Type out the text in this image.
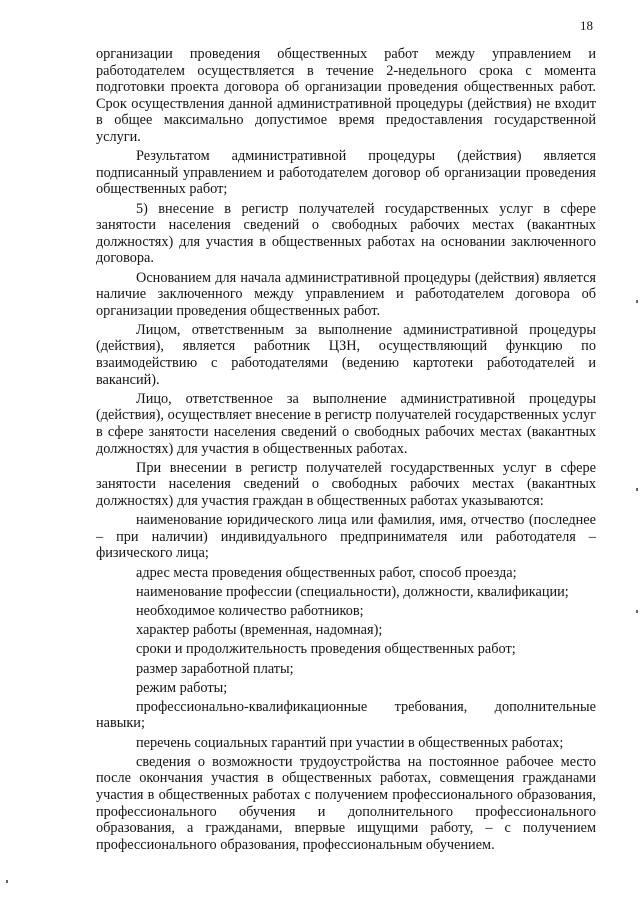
18

организации проведения общественных работ между управлением и работодателем осуществляется в течение 2-недельного срока с момента подготовки проекта договора об организации проведения общественных работ. Срок осуществления данной административной процедуры (действия) не входит в общее максимально допустимое время предоставления государственной услуги.

Результатом административной процедуры (действия) является подписанный управлением и работодателем договор об организации проведения общественных работ;

5) внесение в регистр получателей государственных услуг в сфере занятости населения сведений о свободных рабочих местах (вакантных должностях) для участия в общественных работах на основании заключенного договора.

Основанием для начала административной процедуры (действия) является наличие заключенного между управлением и работодателем договора об организации проведения общественных работ.

Лицом, ответственным за выполнение административной процедуры (действия), является работник ЦЗН, осуществляющий функцию по взаимодействию с работодателями (ведению картотеки работодателей и вакансий).

Лицо, ответственное за выполнение административной процедуры (действия), осуществляет внесение в регистр получателей государственных услуг в сфере занятости населения сведений о свободных рабочих местах (вакантных должностях) для участия в общественных работах.

При внесении в регистр получателей государственных услуг в сфере занятости населения сведений о свободных рабочих местах (вакантных должностях) для участия граждан в общественных работах указываются:

наименование юридического лица или фамилия, имя, отчество (последнее – при наличии) индивидуального предпринимателя или работодателя – физического лица;

адрес места проведения общественных работ, способ проезда;

наименование профессии (специальности), должности, квалификации;

необходимое количество работников;

характер работы (временная, надомная);

сроки и продолжительность проведения общественных работ;

размер заработной платы;

режим работы;

профессионально-квалификационные требования, дополнительные навыки;

перечень социальных гарантий при участии в общественных работах;

сведения о возможности трудоустройства на постоянное рабочее место после окончания участия в общественных работах, совмещения гражданами участия в общественных работах с получением профессионального образования, профессионального обучения и дополнительного профессионального образования, а гражданами, впервые ищущими работу, – с получением профессионального образования, профессиональным обучением.
